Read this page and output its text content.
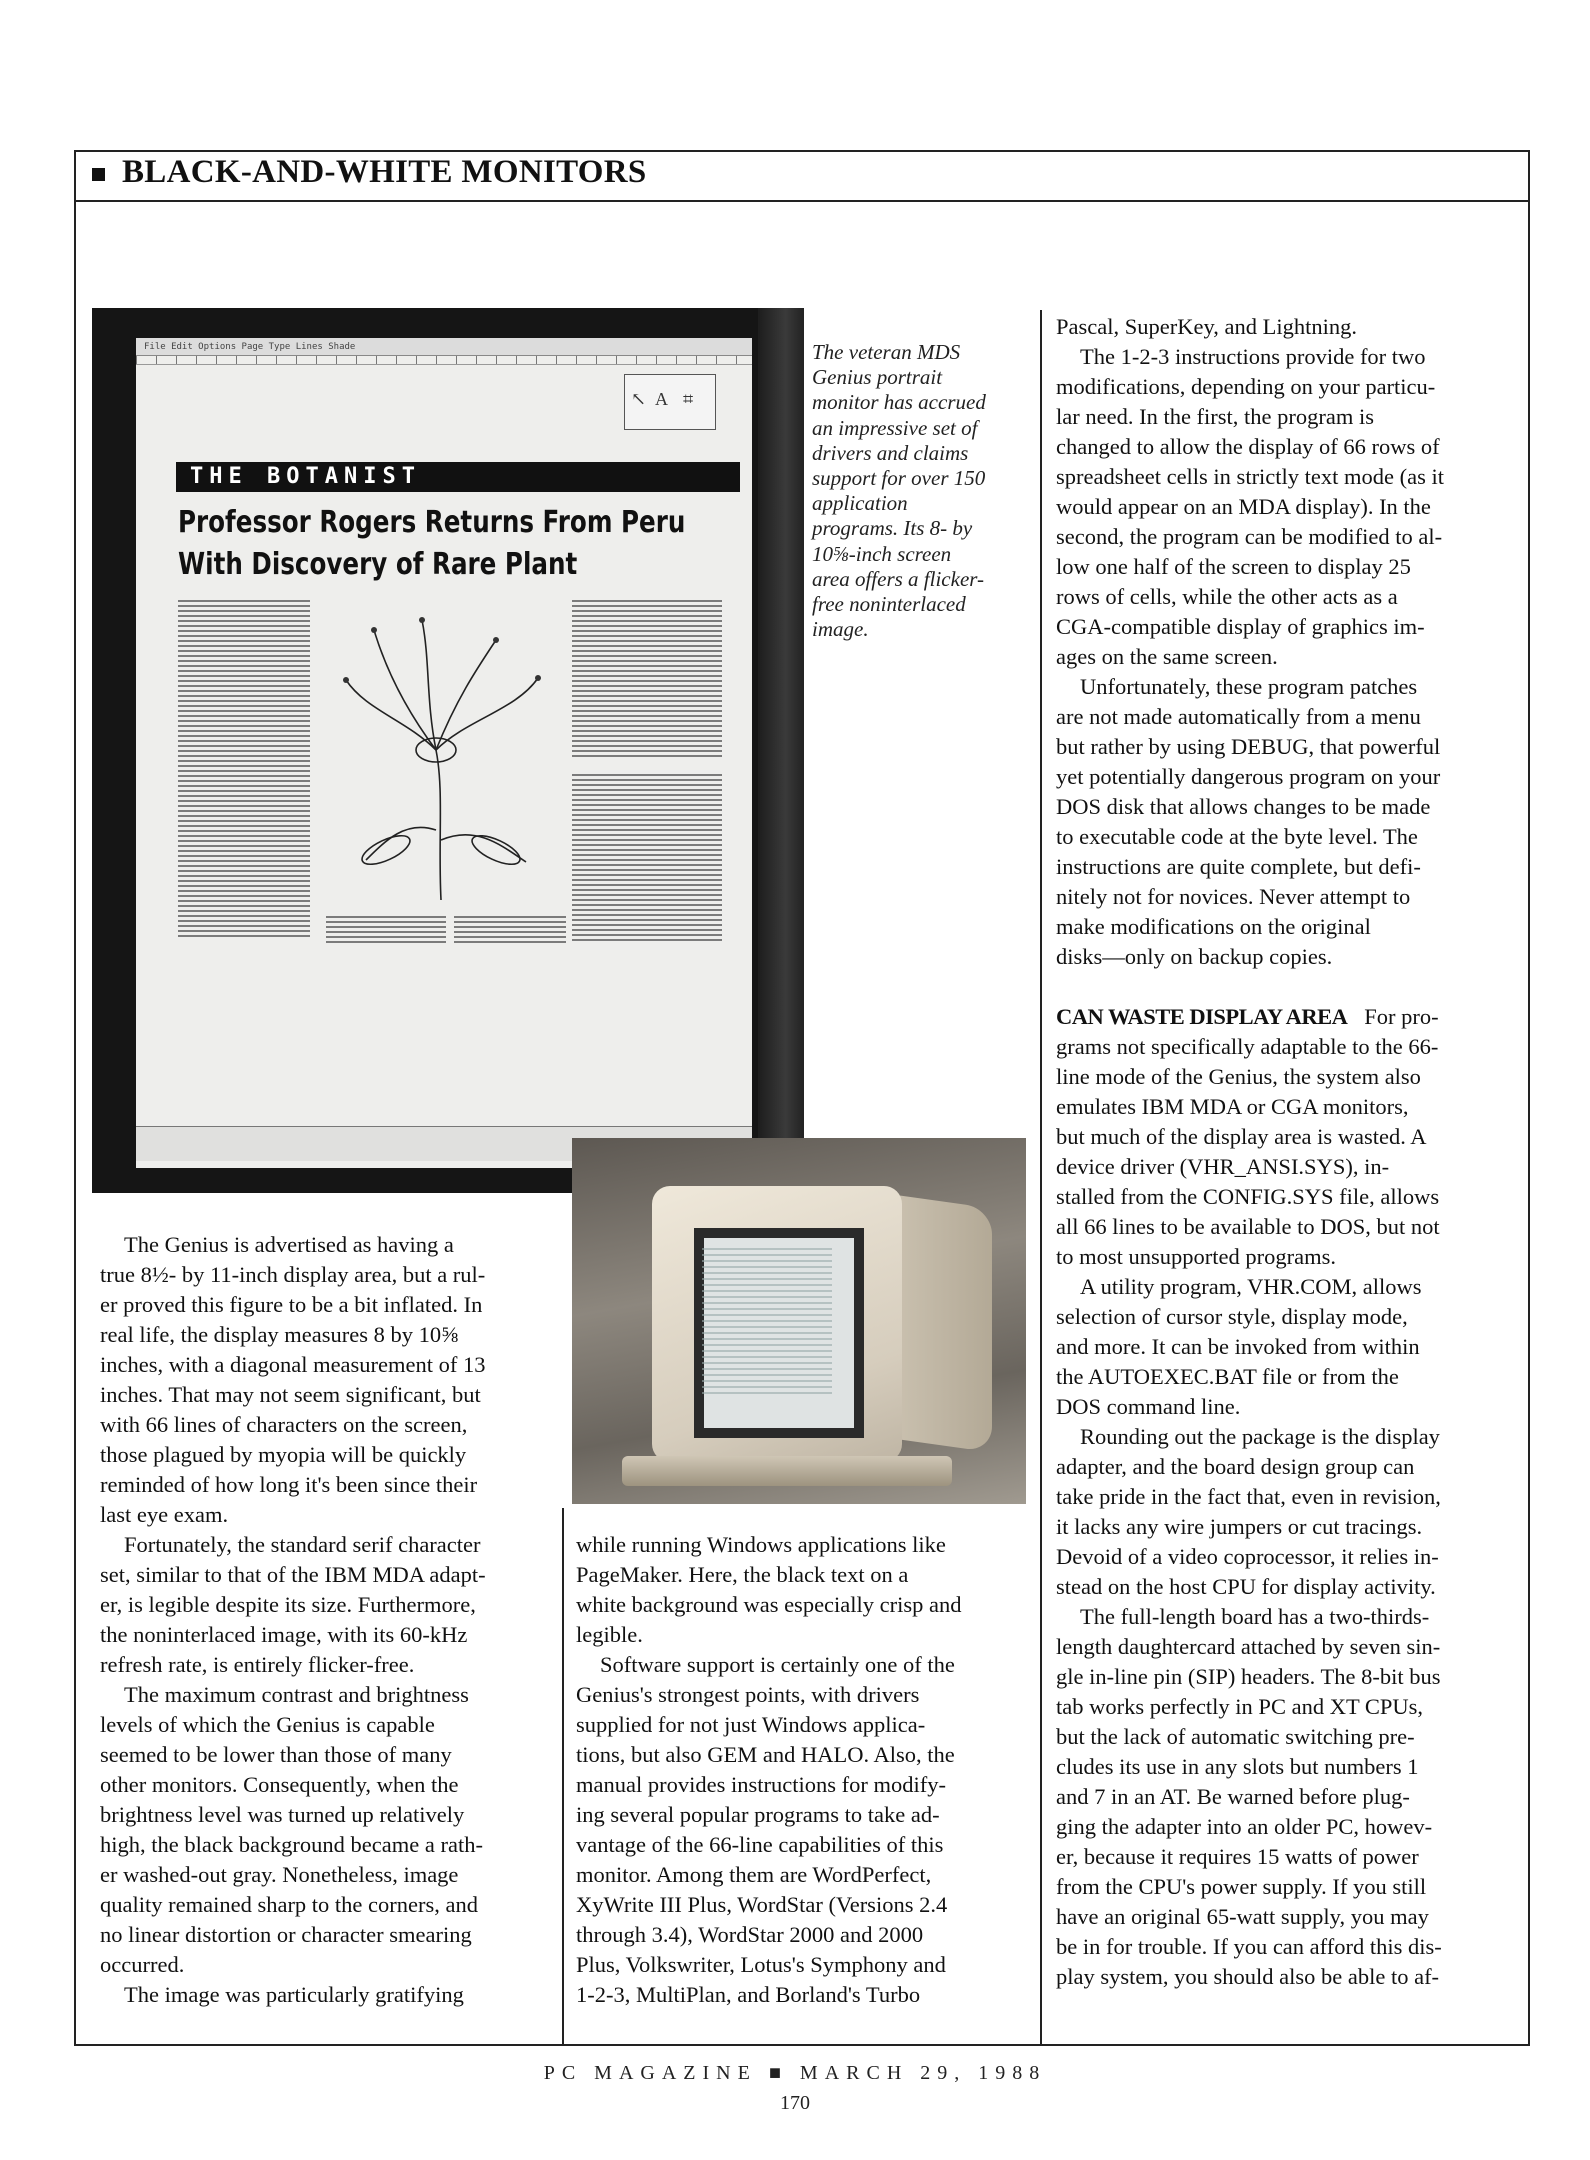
BLACK-AND-WHITE MONITORS
File Edit Options Page Type Lines Shade
↖ A ⌗
THE BOTANIST
Professor Rogers Returns From Peru
With Discovery of Rare Plant
The veteran MDS
Genius portrait
monitor has accrued
an impressive set of
drivers and claims
support for over 150
application
programs. Its 8- by
10⅝-inch screen
area offers a flicker-
free noninterlaced
image.
The Genius is advertised as having a
true 8½- by 11-inch display area, but a rul-
er proved this figure to be a bit inflated. In
real life, the display measures 8 by 10⅝
inches, with a diagonal measurement of 13
inches. That may not seem significant, but
with 66 lines of characters on the screen,
those plagued by myopia will be quickly
reminded of how long it's been since their
last eye exam.
Fortunately, the standard serif character
set, similar to that of the IBM MDA adapt-
er, is legible despite its size. Furthermore,
the noninterlaced image, with its 60-kHz
refresh rate, is entirely flicker-free.
The maximum contrast and brightness
levels of which the Genius is capable
seemed to be lower than those of many
other monitors. Consequently, when the
brightness level was turned up relatively
high, the black background became a rath-
er washed-out gray. Nonetheless, image
quality remained sharp to the corners, and
no linear distortion or character smearing
occurred.
The image was particularly gratifying
while running Windows applications like
PageMaker. Here, the black text on a
white background was especially crisp and
legible.
Software support is certainly one of the
Genius's strongest points, with drivers
supplied for not just Windows applica-
tions, but also GEM and HALO. Also, the
manual provides instructions for modify-
ing several popular programs to take ad-
vantage of the 66-line capabilities of this
monitor. Among them are WordPerfect,
XyWrite III Plus, WordStar (Versions 2.4
through 3.4), WordStar 2000 and 2000
Plus, Volkswriter, Lotus's Symphony and
1-2-3, MultiPlan, and Borland's Turbo
Pascal, SuperKey, and Lightning.
The 1-2-3 instructions provide for two
modifications, depending on your particu-
lar need. In the first, the program is
changed to allow the display of 66 rows of
spreadsheet cells in strictly text mode (as it
would appear on an MDA display). In the
second, the program can be modified to al-
low one half of the screen to display 25
rows of cells, while the other acts as a
CGA-compatible display of graphics im-
ages on the same screen.
Unfortunately, these program patches
are not made automatically from a menu
but rather by using DEBUG, that powerful
yet potentially dangerous program on your
DOS disk that allows changes to be made
to executable code at the byte level. The
instructions are quite complete, but defi-
nitely not for novices. Never attempt to
make modifications on the original
disks—only on backup copies.
CAN WASTE DISPLAY AREA For pro-
grams not specifically adaptable to the 66-
line mode of the Genius, the system also
emulates IBM MDA or CGA monitors,
but much of the display area is wasted. A
device driver (VHR_ANSI.SYS), in-
stalled from the CONFIG.SYS file, allows
all 66 lines to be available to DOS, but not
to most unsupported programs.
A utility program, VHR.COM, allows
selection of cursor style, display mode,
and more. It can be invoked from within
the AUTOEXEC.BAT file or from the
DOS command line.
Rounding out the package is the display
adapter, and the board design group can
take pride in the fact that, even in revision,
it lacks any wire jumpers or cut tracings.
Devoid of a video coprocessor, it relies in-
stead on the host CPU for display activity.
The full-length board has a two-thirds-
length daughtercard attached by seven sin-
gle in-line pin (SIP) headers. The 8-bit bus
tab works perfectly in PC and XT CPUs,
but the lack of automatic switching pre-
cludes its use in any slots but numbers 1
and 7 in an AT. Be warned before plug-
ging the adapter into an older PC, howev-
er, because it requires 15 watts of power
from the CPU's power supply. If you still
have an original 65-watt supply, you may
be in for trouble. If you can afford this dis-
play system, you should also be able to af-
PC MAGAZINE ■ MARCH 29, 1988
170
